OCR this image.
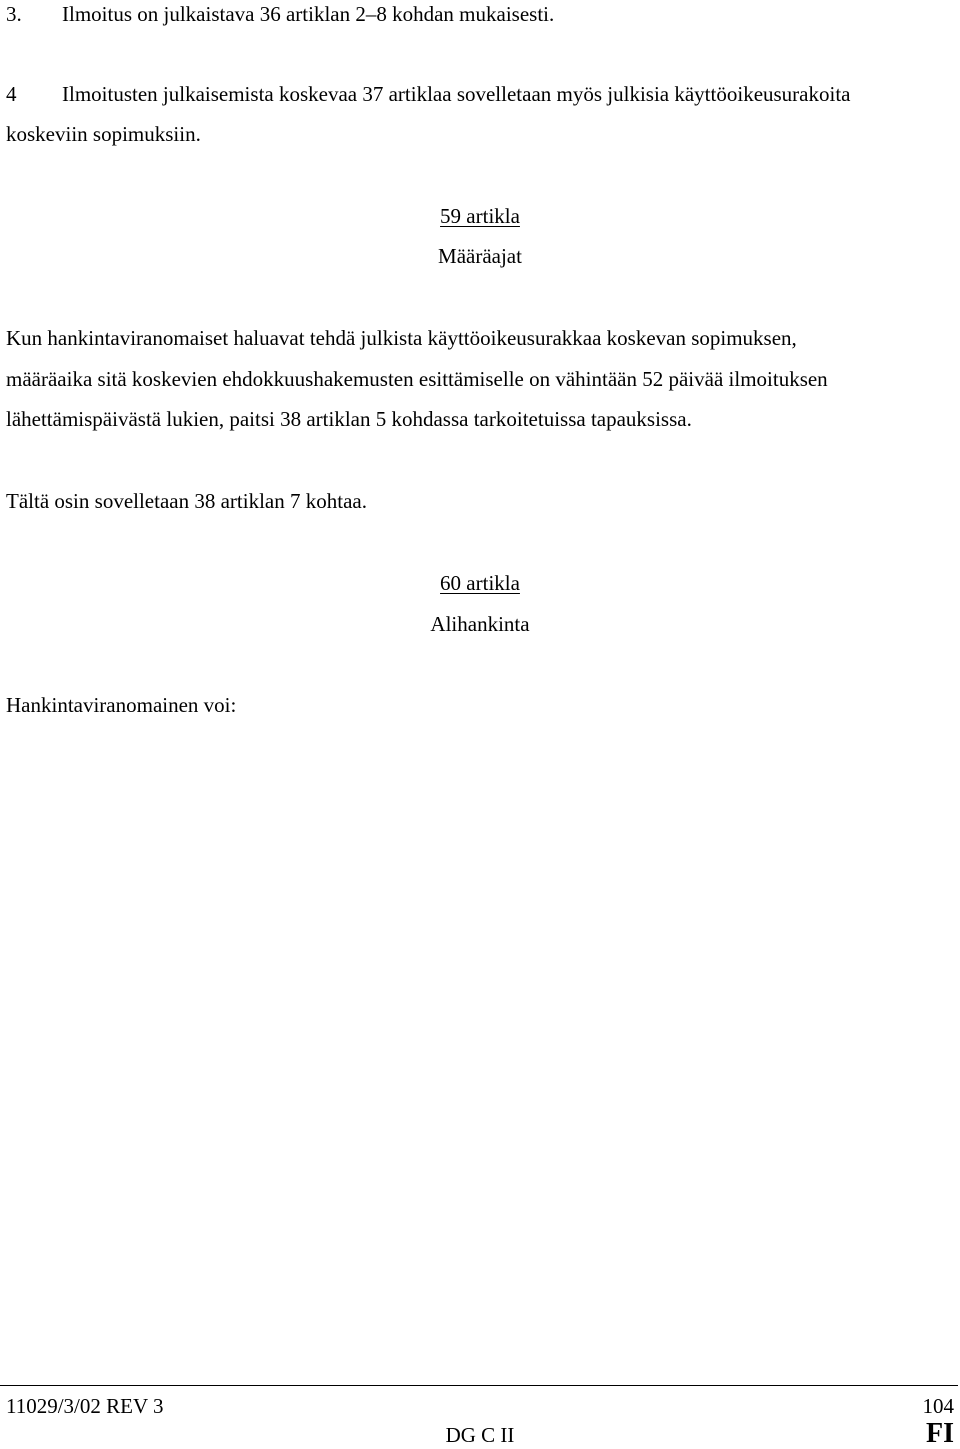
3. Ilmoitus on julkaistava 36 artiklan 2–8 kohdan mukaisesti.
4 Ilmoitusten julkaisemista koskevaa 37 artiklaa sovelletaan myös julkisia käyttöoikeusurakoita
koskeviin sopimuksiin.
59 artikla
Määräajat
Kun hankintaviranomaiset haluavat tehdä julkista käyttöoikeusurakkaa koskevan sopimuksen,
määräaika sitä koskevien ehdokkuushakemusten esittämiselle on vähintään 52 päivää ilmoituksen
lähettämispäivästä lukien, paitsi 38 artiklan 5 kohdassa tarkoitetuissa tapauksissa.
Tältä osin sovelletaan 38 artiklan 7 kohtaa.
60 artikla
Alihankinta
Hankintaviranomainen voi:
11029/3/02 REV 3	104
DG C II	FI
